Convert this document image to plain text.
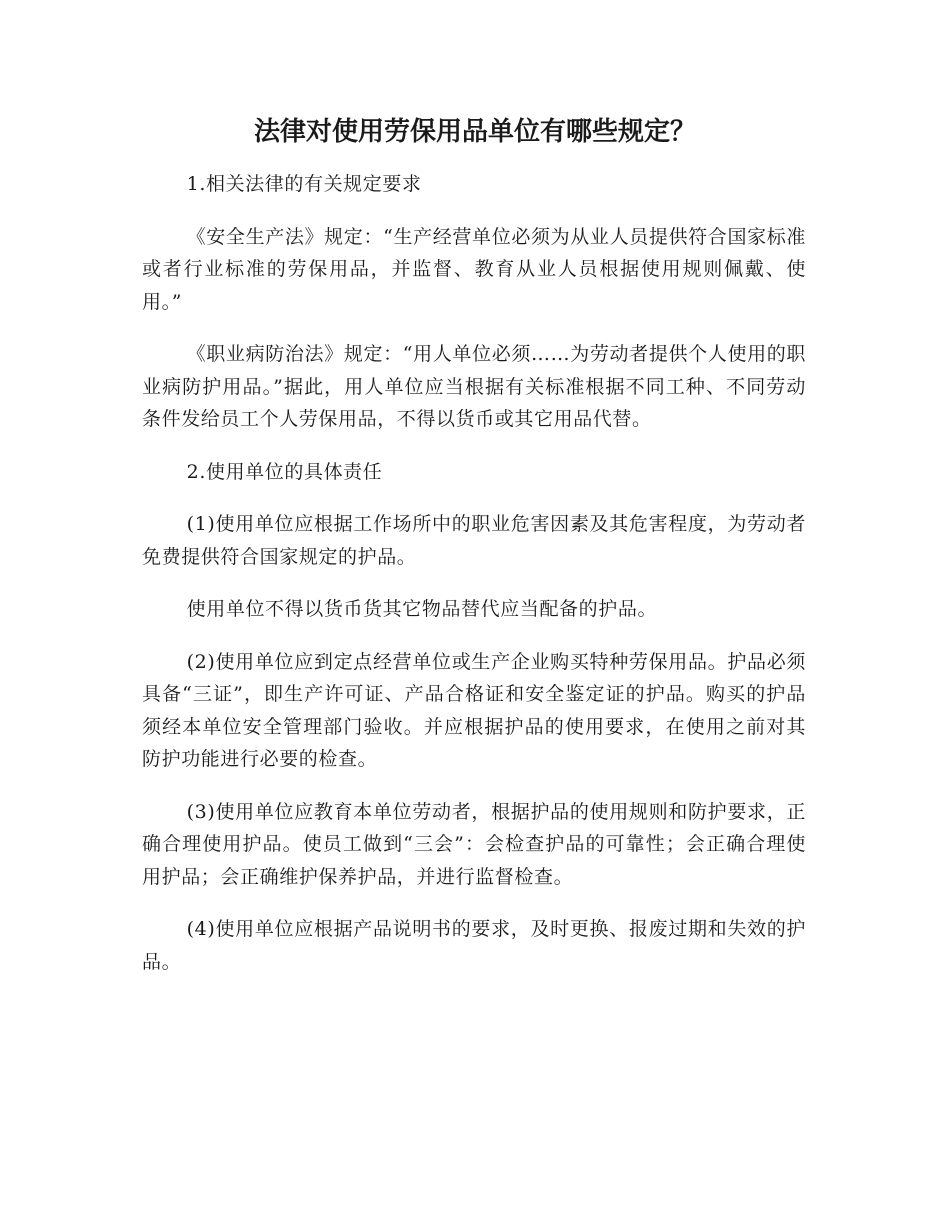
法律对使用劳保用品单位有哪些规定？

1.相关法律的有关规定要求

《安全生产法》规定：“生产经营单位必须为从业人员提供符合国家标准或者行业标准的劳保用品，并监督、教育从业人员根据使用规则佩戴、使用。”

《职业病防治法》规定：“用人单位必须……为劳动者提供个人使用的职业病防护用品。”据此，用人单位应当根据有关标准根据不同工种、不同劳动条件发给员工个人劳保用品，不得以货币或其它用品代替。

2.使用单位的具体责任

(1)使用单位应根据工作场所中的职业危害因素及其危害程度，为劳动者免费提供符合国家规定的护品。

使用单位不得以货币货其它物品替代应当配备的护品。

(2)使用单位应到定点经营单位或生产企业购买特种劳保用品。护品必须具备“三证”，即生产许可证、产品合格证和安全鉴定证的护品。购买的护品须经本单位安全管理部门验收。并应根据护品的使用要求，在使用之前对其防护功能进行必要的检查。

(3)使用单位应教育本单位劳动者，根据护品的使用规则和防护要求，正确合理使用护品。使员工做到“三会”：会检查护品的可靠性；会正确合理使用护品；会正确维护保养护品，并进行监督检查。

(4)使用单位应根据产品说明书的要求，及时更换、报废过期和失效的护品。
